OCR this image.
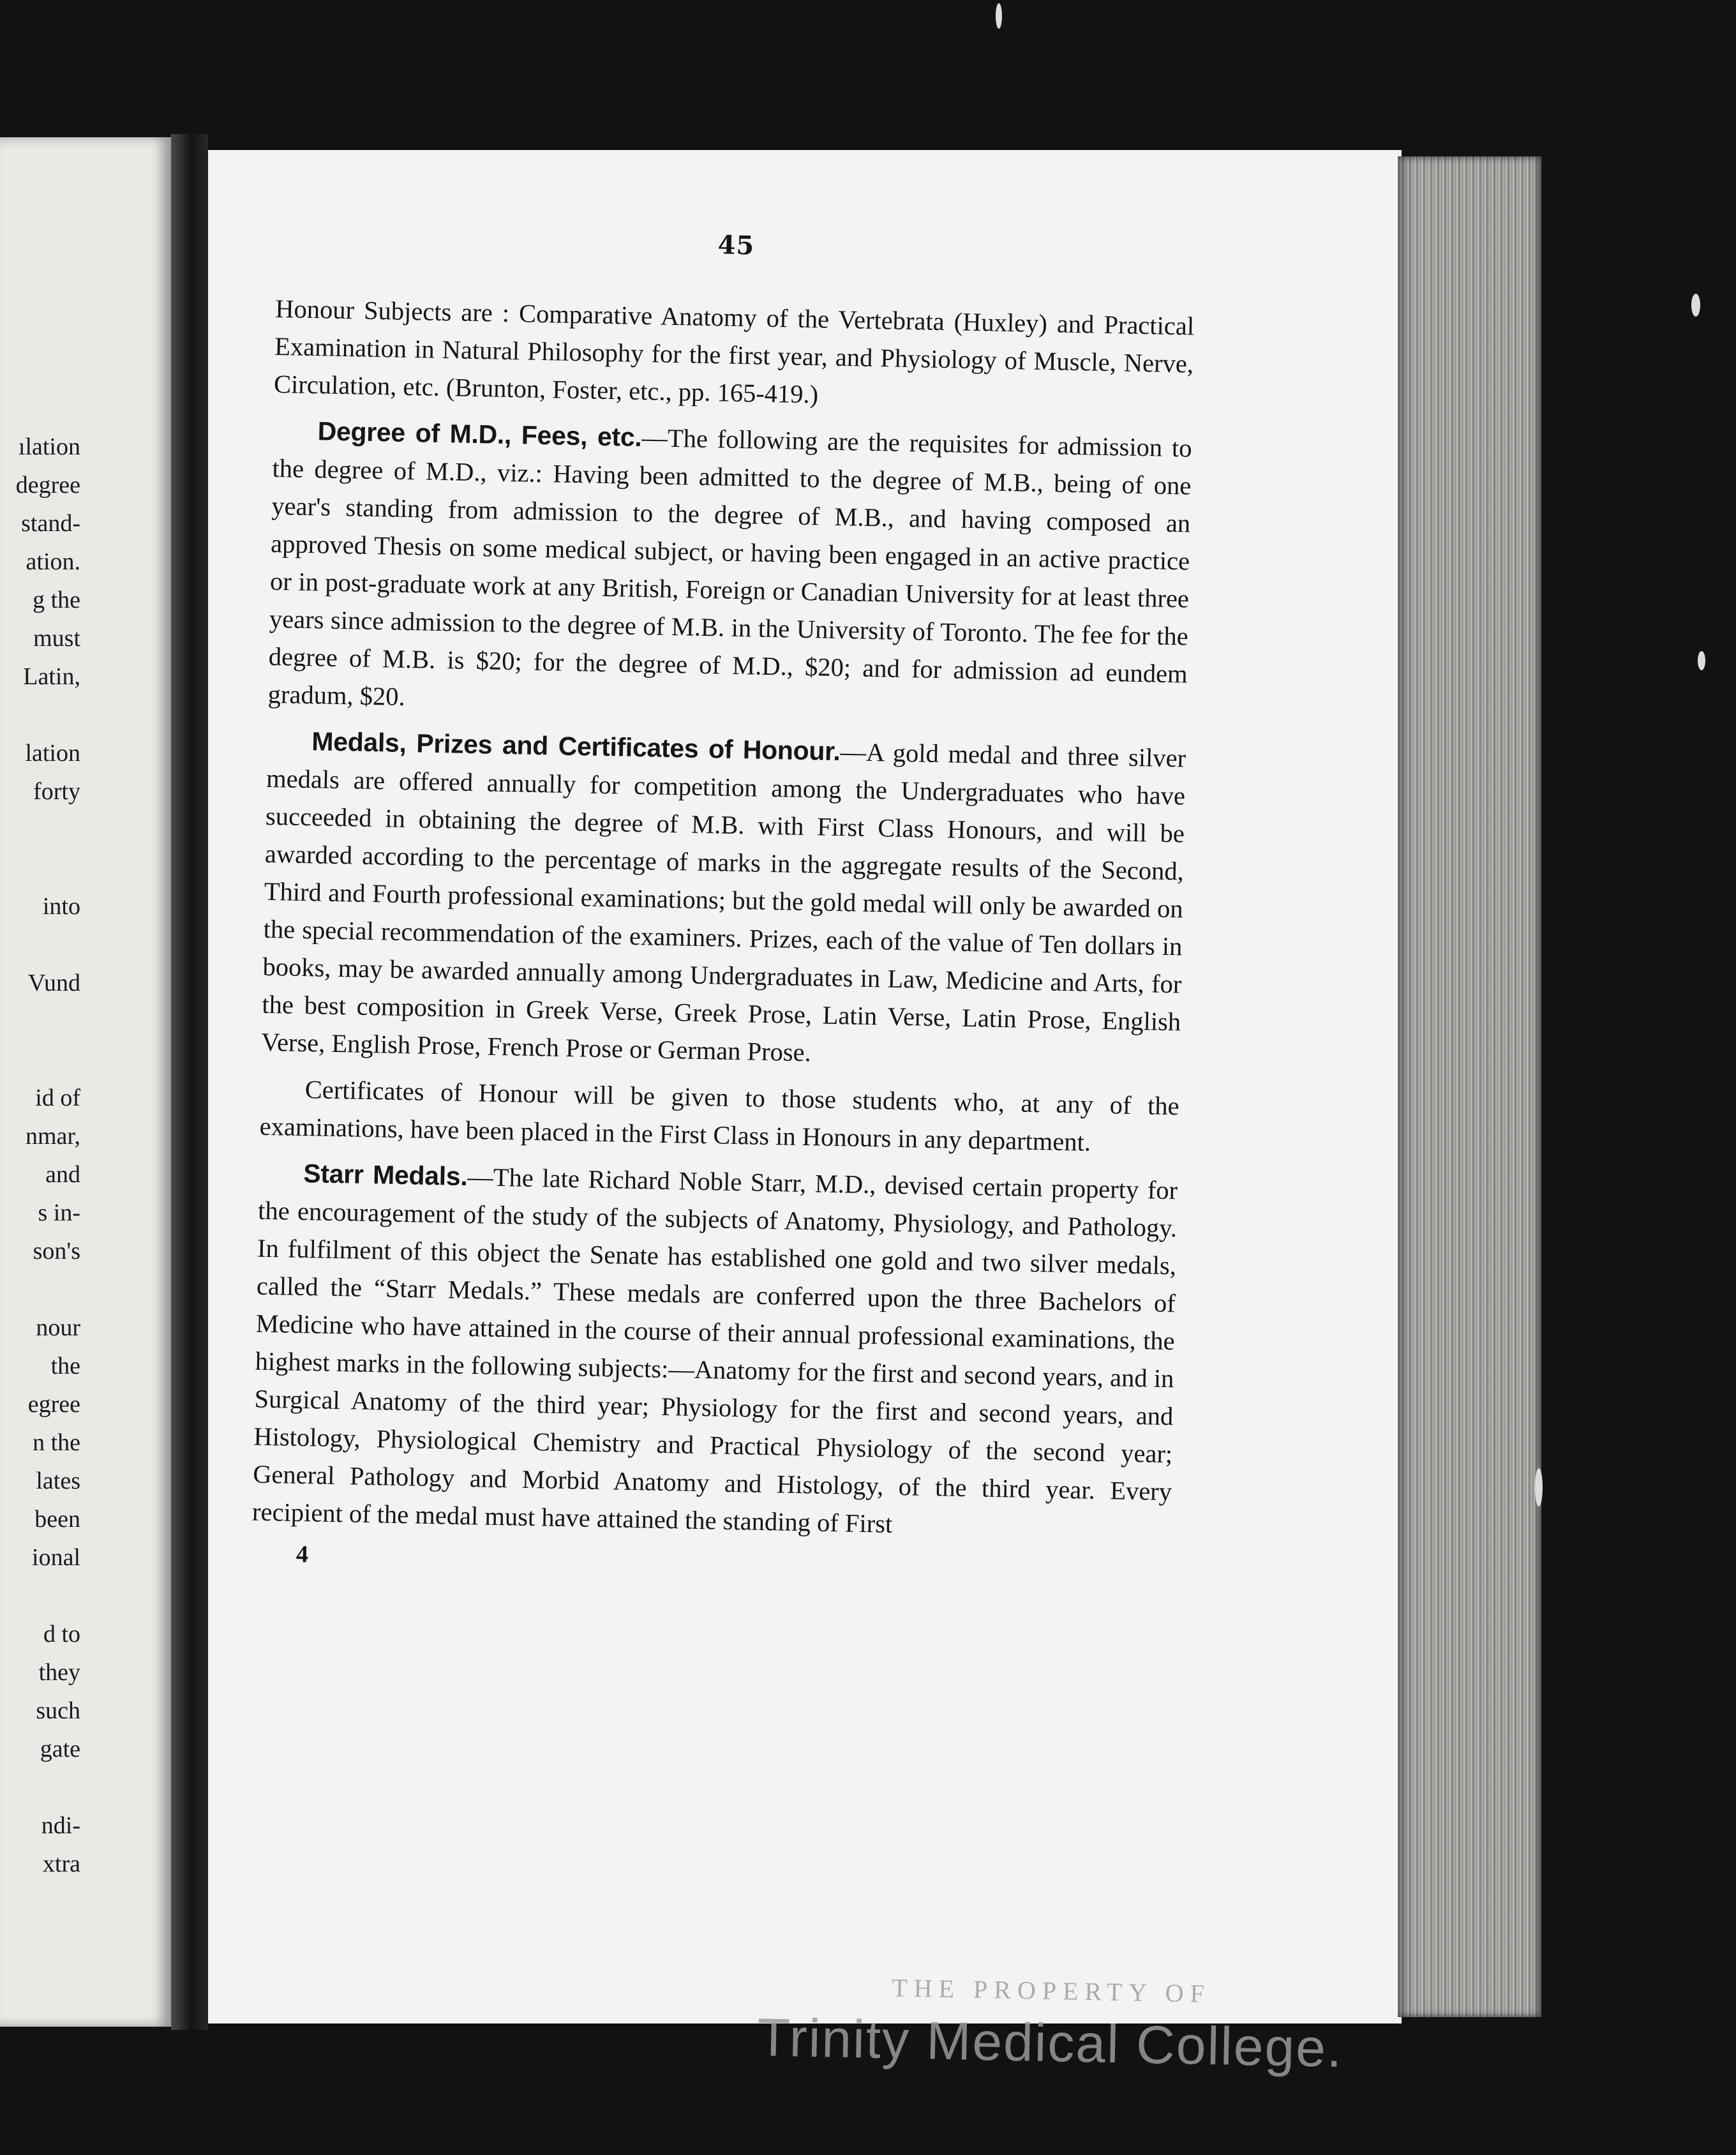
ılation
degree
stand-
ation.
g the
must
Latin,
lation
forty
into
Vund
id of
nmar,
and
s in-
son's
nour
the
egree
n the
lates
been
ional
d to
they
such
gate
ndi-
xtra
45

Honour Subjects are : Comparative Anatomy of the Vertebrata (Huxley) and Practical Examination in Natural Philosophy for the first year, and Physiology of Muscle, Nerve, Circulation, etc. (Brunton, Foster, etc., pp. 165-419.)

Degree of M.D., Fees, etc.—The following are the requisites for admission to the degree of M.D., viz.: Having been admitted to the degree of M.B., being of one year's standing from admission to the degree of M.B., and having composed an approved Thesis on some medical subject, or having been engaged in an active practice or in post-graduate work at any British, Foreign or Canadian University for at least three years since admission to the degree of M.B. in the University of Toronto. The fee for the degree of M.B. is $20; for the degree of M.D., $20; and for admission ad eundem gradum, $20.

Medals, Prizes and Certificates of Honour.—A gold medal and three silver medals are offered annually for competition among the Undergraduates who have succeeded in obtaining the degree of M.B. with First Class Honours, and will be awarded according to the percentage of marks in the aggregate results of the Second, Third and Fourth professional examinations; but the gold medal will only be awarded on the special recommendation of the examiners. Prizes, each of the value of Ten dollars in books, may be awarded annually among Undergraduates in Law, Medicine and Arts, for the best composition in Greek Verse, Greek Prose, Latin Verse, Latin Prose, English Verse, English Prose, French Prose or German Prose.

Certificates of Honour will be given to those students who, at any of the examinations, have been placed in the First Class in Honours in any department.

Starr Medals.—The late Richard Noble Starr, M.D., devised certain property for the encouragement of the study of the subjects of Anatomy, Physiology, and Pathology. In fulfilment of this object the Senate has established one gold and two silver medals, called the “Starr Medals.” These medals are conferred upon the three Bachelors of Medicine who have attained in the course of their annual professional examinations, the highest marks in the following subjects:—Anatomy for the first and second years, and in Surgical Anatomy of the third year; Physiology for the first and second years, and Histology, Physiological Chemistry and Practical Physiology of the second year; General Pathology and Morbid Anatomy and Histology, of the third year. Every recipient of the medal must have attained the standing of First

4
THE PROPERTY OF
Trinity Medical College.
